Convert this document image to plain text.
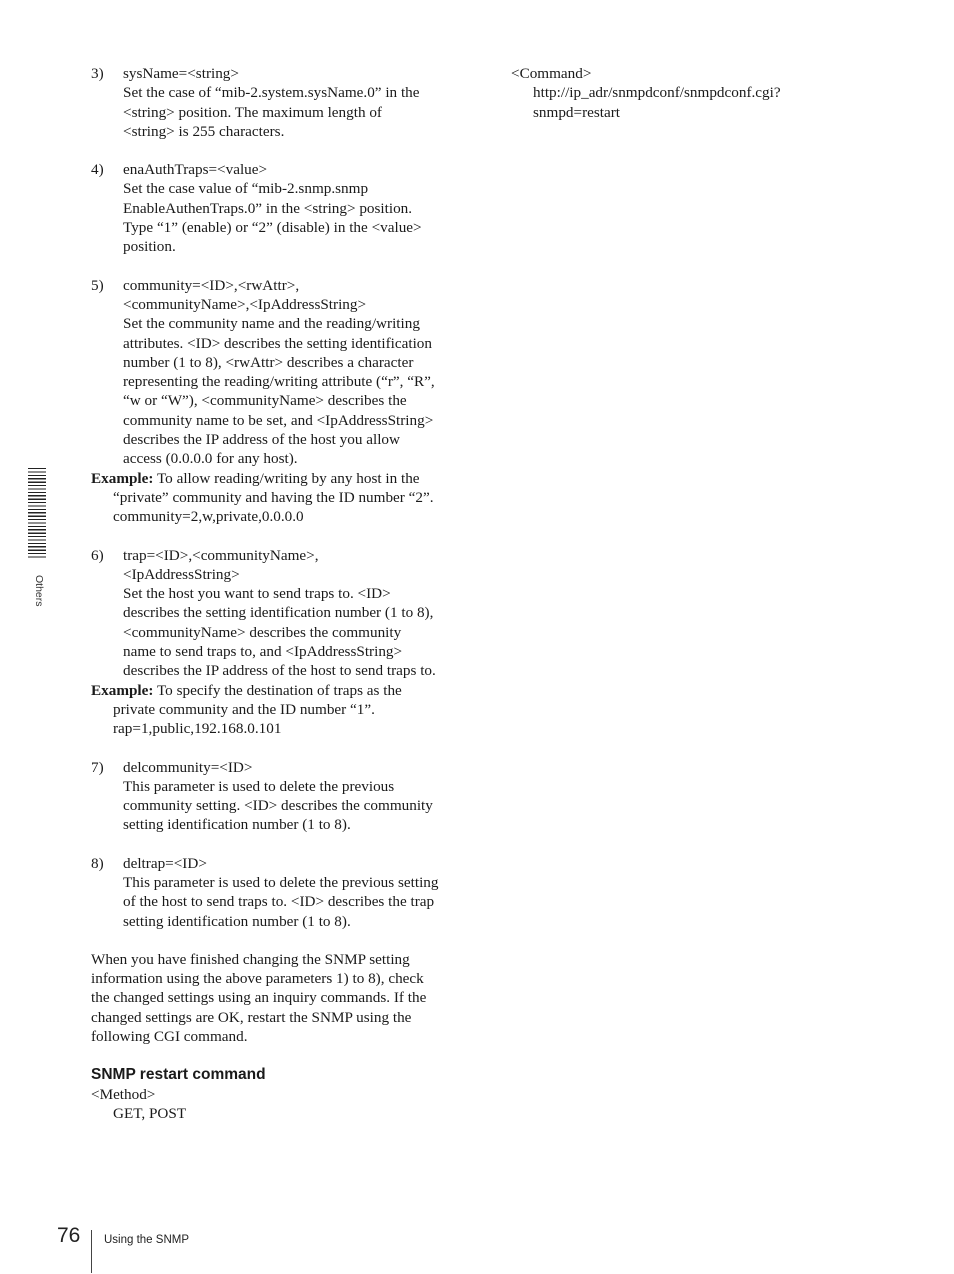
3)	sysName=<string>

Set the case of “mib-2.system.sysName.0” in the

<string> position. The maximum length of

<string> is 255 characters.

4)	enaAuthTraps=<value>

Set the case value of “mib-2.snmp.snmp

EnableAuthenTraps.0” in the <string> position.

Type “1” (enable) or “2” (disable) in the <value>

position.

5)	community=<ID>,<rwAttr>,

<communityName>,<IpAddressString>

Set the community name and the reading/writing

attributes. <ID> describes the setting identification

number (1 to 8), <rwAttr> describes a character

representing the reading/writing attribute (“r”, “R”,

“w or “W”), <communityName> describes the

community name to be set, and <IpAddressString>

describes the IP address of the host you allow

access (0.0.0.0 for any host).

Example: To allow reading/writing by any host in the

“private” community and having the ID number “2”.

community=2,w,private,0.0.0.0

6)	trap=<ID>,<communityName>,

<IpAddressString>

Set the host you want to send traps to. <ID>

describes the setting identification number (1 to 8),

<communityName> describes the community

name to send traps to, and <IpAddressString>

describes the IP address of the host to send traps to.

Example: To specify the destination of traps as the

private community and the ID number “1”.

rap=1,public,192.168.0.101

7)	delcommunity=<ID>

This parameter is used to delete the previous

community setting. <ID> describes the community

setting identification number (1 to 8).

8)	deltrap=<ID>

This parameter is used to delete the previous setting

of the host to send traps to. <ID> describes the trap

setting identification number (1 to 8).

When you have finished changing the SNMP setting
information using the above parameters 1) to 8), check
the changed settings using an inquiry commands. If the
changed settings are OK, restart the SNMP using the
following CGI command.
SNMP restart command

<Method>

GET, POST

<Command>

http://ip_adr/snmpdconf/snmpdconf.cgi?

snmpd=restart

Others
76 Using the SNMP
